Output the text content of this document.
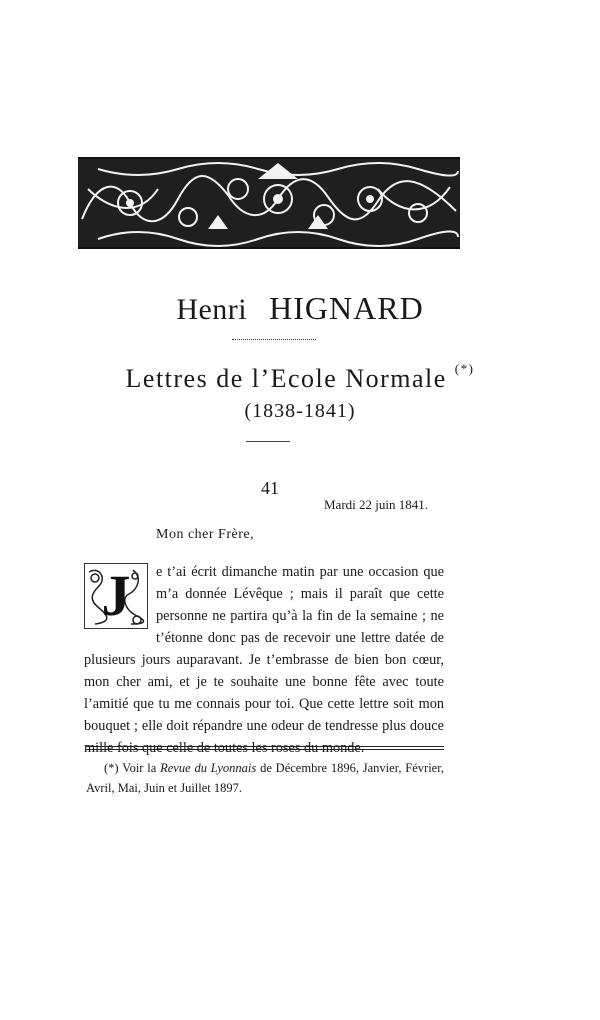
Henri HIGNARD
Lettres de l’Ecole Normale (*)
(1838-1841)
41
Mardi 22 juin 1841.
Mon cher Frère,
J	e t’ai écrit dimanche matin par une occasion que m’a donnée Lévêque ; mais il paraît que cette personne ne partira qu’à la fin de la semaine ; ne t’étonne donc pas de recevoir une lettre datée de plusieurs jours auparavant. Je t’embrasse de bien bon cœur, mon cher ami, et je te souhaite une bonne fête avec toute l’amitié que tu me connais pour toi. Que cette lettre soit mon bouquet ; elle doit répandre une odeur de tendresse plus douce mille fois que celle de toutes les roses du monde.
(*) Voir la Revue du Lyonnais de Décembre 1896, Janvier, Février, Avril, Mai, Juin et Juillet 1897.
